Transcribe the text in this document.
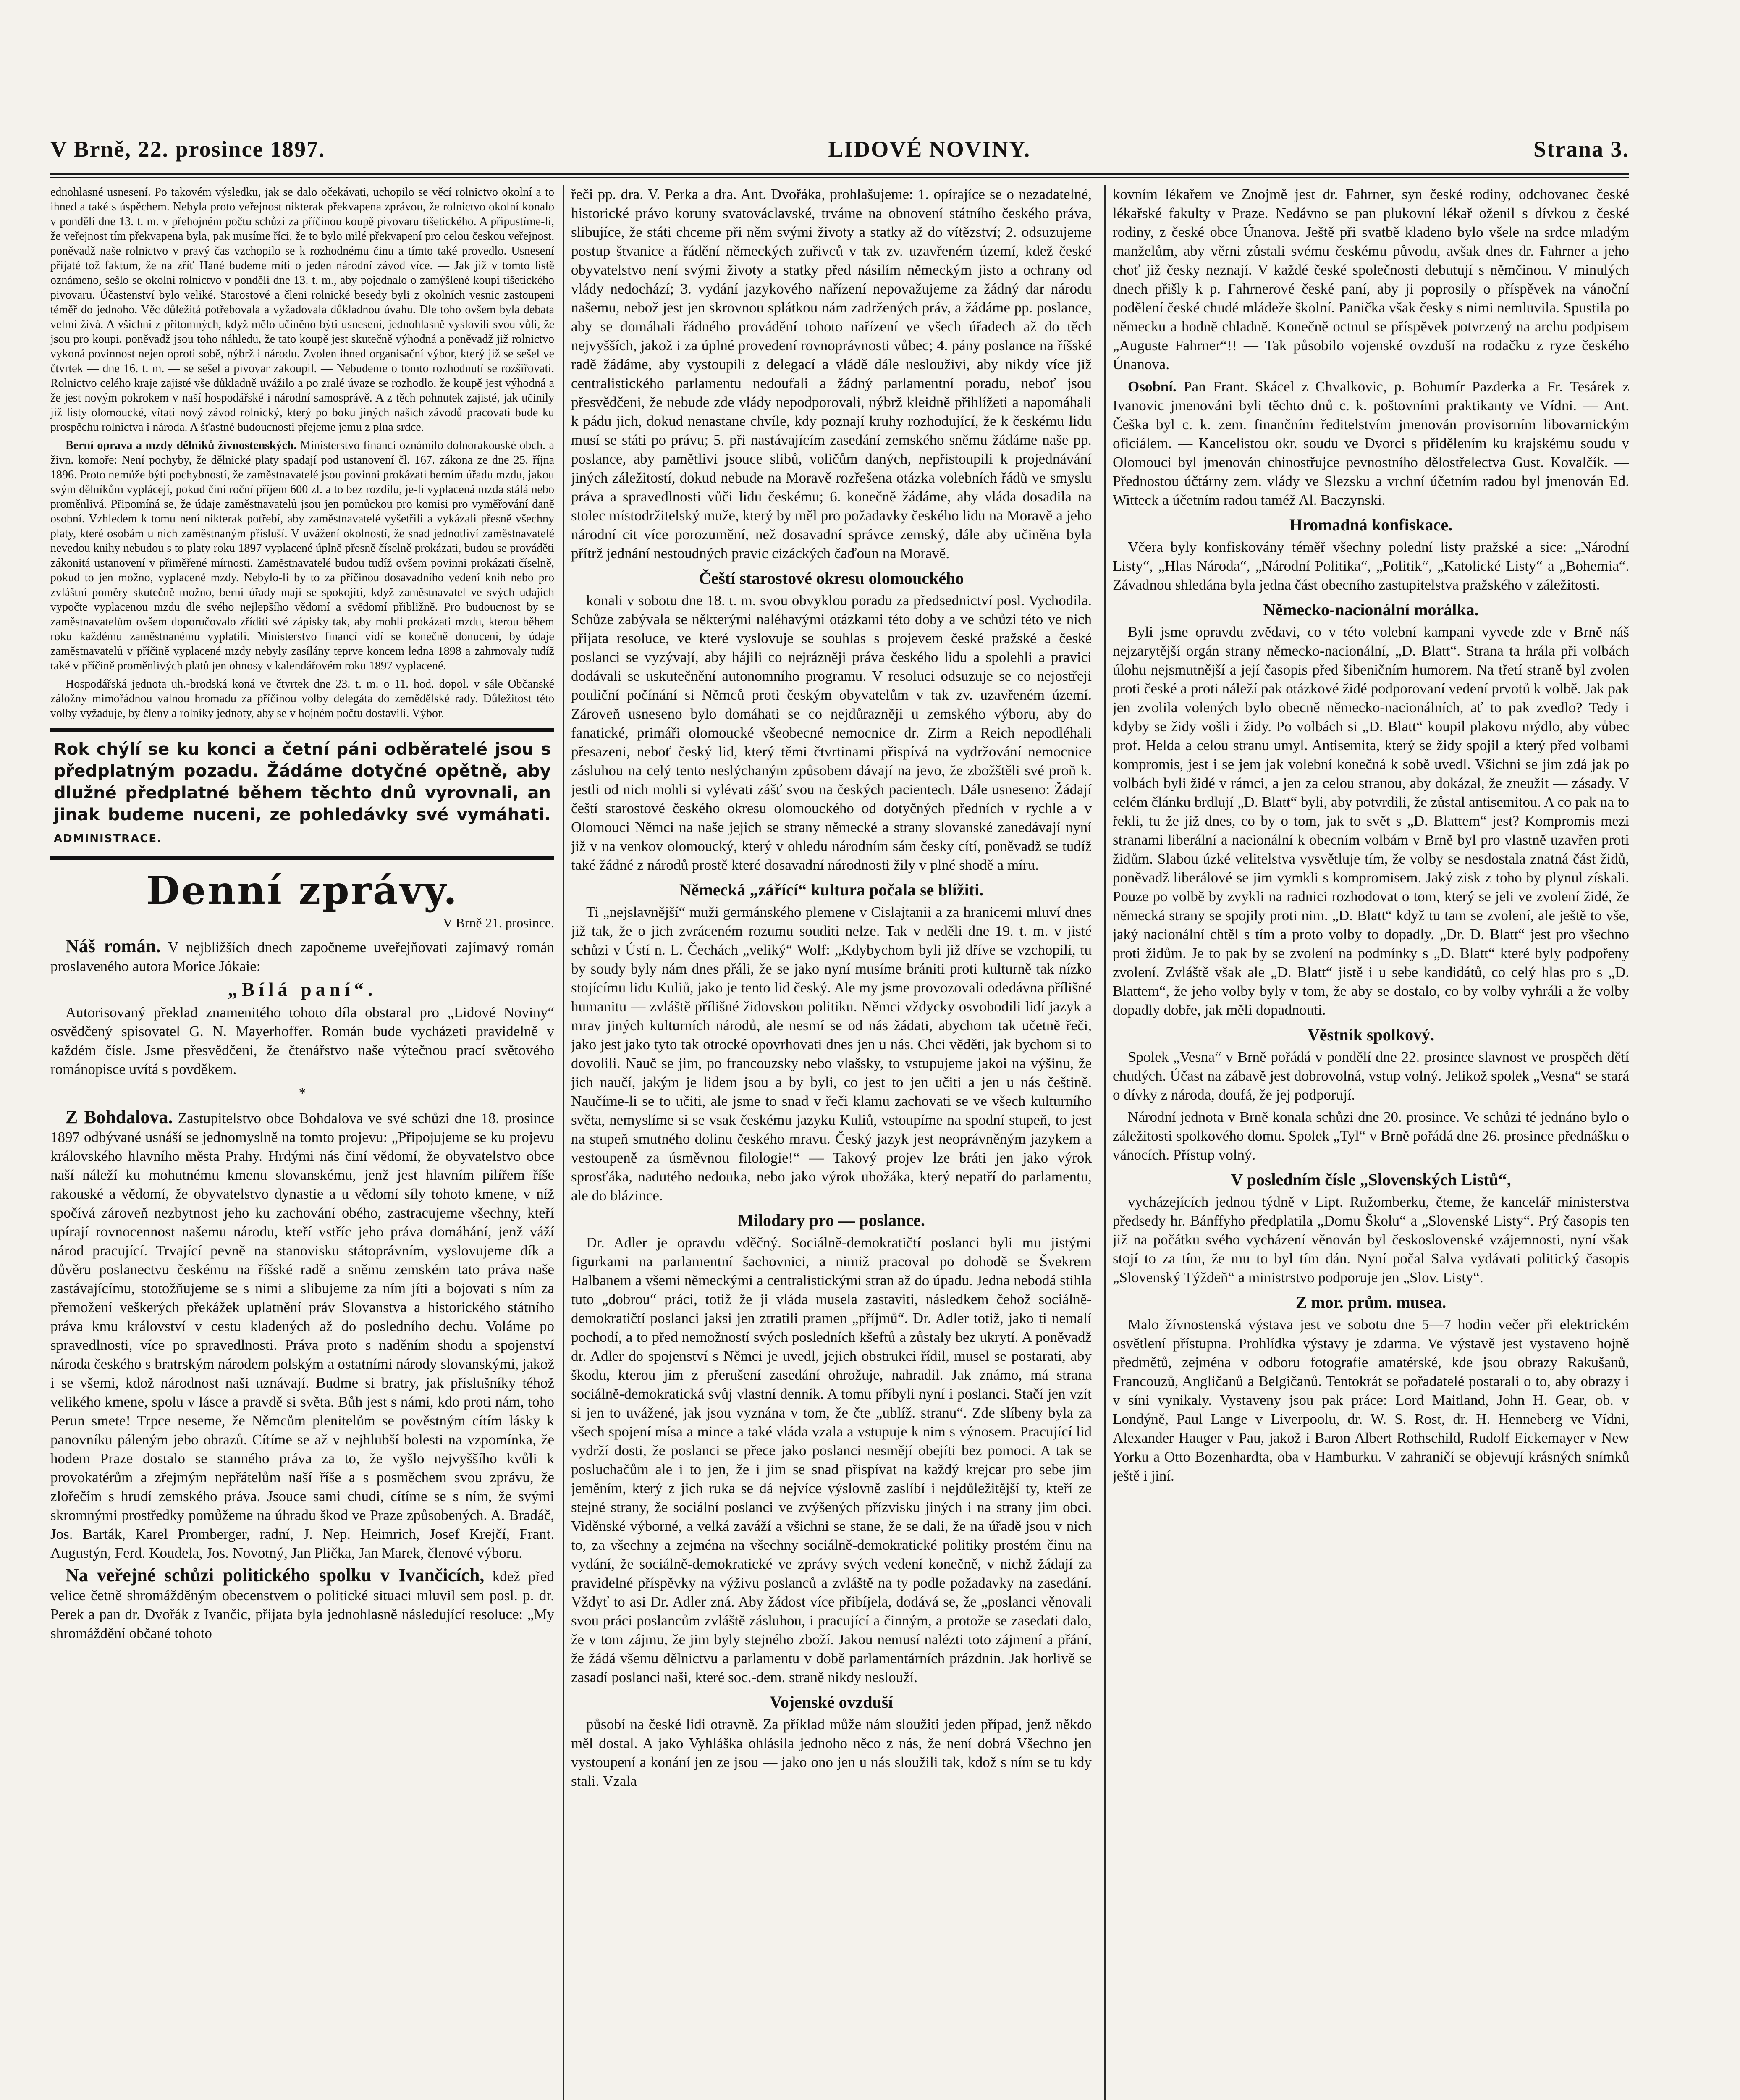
V Brně, 22. prosince 1897.	LIDOVÉ NOVINY.	Strana 3.

ednohlasné usnesení. Po takovém výsledku, jak se dalo očekávati, uchopilo se věcí rolnictvo okolní a to ihned a také s úspěchem. Nebyla proto veřejnost nikterak překvapena zprávou, že rolnictvo okolní konalo v pondělí dne 13. t. m. v přehojném počtu schůzi za příčinou koupě pivovaru tišetického. A připustíme-li, že veřejnost tím překvapena byla, pak musíme říci, že to bylo milé překvapení pro celou českou veřejnost, poněvadž naše rolnictvo v pravý čas vzchopilo se k rozhodnému činu a tímto také provedlo. Usnesení přijaté tož faktum, že na zříť Hané budeme míti o jeden národní závod více. — Jak již v tomto listě oznámeno, sešlo se okolní rolnictvo v pondělí dne 13. t. m., aby pojednalo o zamýšlené koupi tišetického pivovaru. Účastenství bylo veliké. Starostové a členi rolnické besedy byli z okolních vesnic zastoupeni téměř do jednoho. Věc důležitá potřebovala a vyžadovala důkladnou úvahu. Dle toho ovšem byla debata velmi živá. A všichni z přítomných, když mělo učiněno býti usnesení, jednohlasně vyslovili svou vůli, že jsou pro koupi, poněvadž jsou toho náhledu, že tato koupě jest skutečně výhodná a poněvadž již rolnictvo vykoná povinnost nejen oproti sobě, nýbrž i národu. Zvolen ihned organisační výbor, který již se sešel ve čtvrtek — dne 16. t. m. — se sešel a pivovar zakoupil. — Nebudeme o tomto rozhodnutí se rozšiřovati. Rolnictvo celého kraje zajisté vše důkladně uvážilo a po zralé úvaze se rozhodlo, že koupě jest výhodná a že jest novým pokrokem v naší hospodářské i národní samosprávě. A z těch pohnutek zajisté, jak učinily již listy olomoucké, vítati nový závod rolnický, který po boku jiných našich závodů pracovati bude ku prospěchu rolnictva i národa. A šťastné budoucnosti přejeme jemu z plna srdce.

Berní oprava a mzdy dělníků živnostenských. Ministerstvo financí oznámilo dolnorakouské obch. a živn. komoře: Není pochyby, že dělnické platy spadají pod ustanovení čl. 167. zákona ze dne 25. října 1896. Proto nemůže býti pochybností, že zaměstnavatelé jsou povinni prokázati berním úřadu mzdu, jakou svým dělníkům vyplácejí, pokud činí roční příjem 600 zl. a to bez rozdílu, je-li vyplacená mzda stálá nebo proměnlivá. Připomíná se, že údaje zaměstnavatelů jsou jen pomůckou pro komisi pro vyměřování daně osobní. Vzhledem k tomu není nikterak potřebí, aby zaměstnavatelé vyšetřili a vykázali přesně všechny platy, které osobám u nich zaměstnaným přísluší. V uvážení okolností, že snad jednotliví zaměstnavatelé nevedou knihy nebudou s to platy roku 1897 vyplacené úplně přesně číselně prokázati, budou se prováděti zákonitá ustanovení v přiměřené mírnosti. Zaměstnavatelé budou tudíž ovšem povinni prokázati číselně, pokud to jen možno, vyplacené mzdy. Nebylo-li by to za příčinou dosavadního vedení knih nebo pro zvláštní poměry skutečně možno, berní úřady mají se spokojiti, když zaměstnavatel ve svých udajích vypočte vyplacenou mzdu dle svého nejlepšího vědomí a svědomí přibližně. Pro budoucnost by se zaměstnavatelům ovšem doporučovalo zříditi své zápisky tak, aby mohli prokázati mzdu, kterou během roku každému zaměstnanému vyplatili. Ministerstvo financí vidí se konečně donuceni, by údaje zaměstnavatelů v příčině vyplacené mzdy nebyly zasílány teprve koncem ledna 1898 a zahrnovaly tudíž také v příčině proměnlivých platů jen ohnosy v kalendářovém roku 1897 vyplacené.

Hospodářská jednota uh.-brodská koná ve čtvrtek dne 23. t. m. o 11. hod. dopol. v sále Občanské záložny mimořádnou valnou hromadu za příčinou volby delegáta do zemědělské rady. Důležitost této volby vyžaduje, by členy a rolníky jednoty, aby se v hojném počtu dostavili. Výbor.

Rok chýlí se ku konci a četní páni odběratelé jsou s předplatným pozadu. Žádáme dotyčné opětně, aby dlužné předplatné během těchto dnů vyrovnali, an jinak budeme nuceni, ze pohledávky své vymáhati. ADMINISTRACE.
Denní zprávy.
V Brně 21. prosince.

Náš román. V nejbližších dnech započneme uveřejňovati zajímavý román proslaveného autora Morice Jókaie:

„Bílá paní“.

Autorisovaný překlad znamenitého tohoto díla obstaral pro „Lidové Noviny“ osvědčený spisovatel G. N. Mayerhoffer. Román bude vycházeti pravidelně v každém čísle. Jsme přesvědčeni, že čtenářstvo naše výtečnou prací světového románopisce uvítá s povděkem.

*

Z Bohdalova. Zastupitelstvo obce Bohdalova ve své schůzi dne 18. prosince 1897 odbývané usnáší se jednomyslně na tomto projevu: „Připojujeme se ku projevu královského hlavního města Prahy. Hrdými nás činí vědomí, že obyvatelstvo obce naší náleží ku mohutnému kmenu slovanskému, jenž jest hlavním pilířem říše rakouské a vědomí, že obyvatelstvo dynastie a u vědomí síly tohoto kmene, v níž spočívá zároveň nezbytnost jeho ku zachování obého, zastracujeme všechny, kteří upírají rovnocennost našemu národu, kteří vstříc jeho práva domáhání, jenž váží národ pracující. Trvající pevně na stanovisku státoprávním, vyslovujeme dík a důvěru poslanectvu českému na říšské radě a sněmu zemském tato práva naše zastávajícímu, stotožňujeme se s nimi a slibujeme za ním jíti a bojovati s ním za přemožení veškerých překážek uplatnění práv Slovanstva a historického státního práva kmu království v cestu kladených až do posledního dechu. Voláme po spravedlnosti, více po spravedlnosti. Práva proto s naděním shodu a spojenství národa českého s bratrským národem polským a ostatními národy slovanskými, jakož i se všemi, kdož národnost naši uznávají. Budme si bratry, jak příslušníky téhož velikého kmene, spolu v lásce a pravdě si světa. Bůh jest s námi, kdo proti nám, toho Perun smete! Trpce neseme, že Němcům plenitelům se pověstným cítím lásky k panovníku páleným jebo obrazů. Cítíme se až v nejhlubší bolesti na vzpomínka, že hodem Praze dostalo se stanného práva za to, že vyšlo nejvyššího kvůli k provokatérům a zřejmým nepřátelům naší říše a s posměchem svou zprávu, že zlořečím s hrudí zemského práva. Jsouce sami chudi, cítíme se s ním, že svými skromnými prostředky pomůžeme na úhradu škod ve Praze způsobených. A. Bradáč, Jos. Barták, Karel Promberger, radní, J. Nep. Heimrich, Josef Krejčí, Frant. Augustýn, Ferd. Koudela, Jos. Novotný, Jan Plička, Jan Marek, členové výboru.

Na veřejné schůzi politického spolku v Ivančicích, kdež před velice četně shromážděným obecenstvem o politické situaci mluvil sem posl. p. dr. Perek a pan dr. Dvořák z Ivančic, přijata byla jednohlasně následující resoluce: „My shromáždění občané tohoto

řeči pp. dra. V. Perka a dra. Ant. Dvořáka, prohlašujeme: 1. opírajíce se o nezadatelné, historické právo koruny svatováclavské, trváme na obnovení státního českého práva, slibujíce, že státi chceme při něm svými životy a statky až do vítězství; 2. odsuzujeme postup štvanice a řádění německých zuřivců v tak zv. uzavřeném území, kdež české obyvatelstvo není svými životy a statky před násilím německým jisto a ochrany od vlády nedochází; 3. vydání jazykového nařízení nepovažujeme za žádný dar národu našemu, nebož jest jen skrovnou splátkou nám zadržených práv, a žádáme pp. poslance, aby se domáhali řádného provádění tohoto nařízení ve všech úřadech až do těch nejvyšších, jakož i za úplné provedení rovnoprávnosti vůbec; 4. pány poslance na říšské radě žádáme, aby vystoupili z delegací a vládě dále neslouživi, aby nikdy více již centralistického parlamentu nedoufali a žádný parlamentní poradu, neboť jsou přesvědčeni, že nebude zde vlády nepodporovali, nýbrž kleidně přihlížeti a napomáhali k pádu jich, dokud nenastane chvíle, kdy poznají kruhy rozhodující, že k českému lidu musí se státi po právu; 5. při nastávajícím zasedání zemského sněmu žádáme naše pp. poslance, aby pamětlivi jsouce slibů, voličům daných, nepřistoupili k projednávání jiných záležitostí, dokud nebude na Moravě rozřešena otázka volebních řádů ve smyslu práva a spravedlnosti vůči lidu českému; 6. konečně žádáme, aby vláda dosadila na stolec místodržitelský muže, který by měl pro požadavky českého lidu na Moravě a jeho národní cit více porozumění, než dosavadní správce zemský, dále aby učiněna byla přítrž jednání nestoudných pravic cizáckých čaďoun na Moravě.

Čeští starostové okresu olomouckého

konali v sobotu dne 18. t. m. svou obvyklou poradu za předsednictví posl. Vychodila. Schůze zabývala se některými naléhavými otázkami této doby a ve schůzi této ve nich přijata resoluce, ve které vyslovuje se souhlas s projevem české pražské a české poslanci se vyzývají, aby hájili co nejrázněji práva českého lidu a spolehli a pravici dodávali se uskutečnění autonomního programu. V resoluci odsuzuje se co nejostřeji pouliční počínání si Němců proti českým obyvatelům v tak zv. uzavřeném území. Zároveň usneseno bylo domáhati se co nejdůrazněji u zemského výboru, aby do fanatické, primáři olomoucké všeobecné nemocnice dr. Zirm a Reich nepodléhali přesazeni, neboť český lid, který těmi čtvrtinami přispívá na vydržování nemocnice zásluhou na celý tento neslýchaným způsobem dávají na jevo, že zbožštěli své proň k. jestli od nich mohli si vylévati zášť svou na českých pacientech. Dále usneseno: Žádají čeští starostové českého okresu olomouckého od dotyčných předních v rychle a v Olomouci Němci na naše jejich se strany německé a strany slovanské zanedávají nyní již v na venkov olomoucký, který v ohledu národním sám česky cítí, poněvadž se tudíž také žádné z národů prostě které dosavadní národnosti žily v plné shodě a míru.

Německá „zářící“ kultura počala se blížiti.

Ti „nejslavnější“ muži germánského plemene v Cislajtanii a za hranicemi mluví dnes již tak, že o jich zvráceném rozumu souditi nelze. Tak v neděli dne 19. t. m. v jisté schůzi v Ústí n. L. Čechách „veliký“ Wolf: „Kdybychom byli již dříve se vzchopili, tu by soudy byly nám dnes přáli, že se jako nyní musíme brániti proti kulturně tak nízko stojícímu lidu Kuliů, jako je tento lid český. Ale my jsme provozovali odedávna přílišné humanitu — zvláště přílišné židovskou politiku. Němci vždycky osvobodili lidí jazyk a mrav jiných kulturních národů, ale nesmí se od nás žádati, abychom tak učetně řeči, jako jest jako tyto tak otrocké opovrhovati dnes jen u nás. Chci věděti, jak bychom si to dovolili. Nauč se jim, po francouzsky nebo vlašsky, to vstupujeme jakoi na výšinu, že jich naučí, jakým je lidem jsou a by byli, co jest to jen učiti a jen u nás češtině. Naučíme-li se to učiti, ale jsme to snad v řeči klamu zachovati se ve všech kulturního světa, nemyslíme si se vsak českému jazyku Kuliů, vstoupíme na spodní stupeň, to jest na stupeň smutného dolinu českého mravu. Český jazyk jest neoprávněným jazykem a vestoupeně za úsměvnou filologie!“ — Takový projev lze bráti jen jako výrok sprosťáka, nadutého nedouka, nebo jako výrok ubožáka, který nepatří do parlamentu, ale do blázince.

Milodary pro — poslance.

Dr. Adler je opravdu vděčný. Sociálně-demokratičtí poslanci byli mu jistými figurkami na parlamentní šachovnici, a nimiž pracoval po dohodě se Švekrem Halbanem a všemi německými a centralistickými stran až do úpadu. Jedna nebodá stihla tuto „dobrou“ práci, totiž že ji vláda musela zastaviti, následkem čehož sociálně-demokratičtí poslanci jaksi jen ztratili pramen „příjmů“. Dr. Adler totiž, jako ti nemalí pochodí, a to před nemožností svých posledních kšeftů a zůstaly bez ukrytí. A poněvadž dr. Adler do spojenství s Němci je uvedl, jejich obstrukci řídil, musel se postarati, aby škodu, kterou jim z přerušení zasedání ohrožuje, nahradil. Jak známo, má strana sociálně-demokratická svůj vlastní denník. A tomu příbyli nyní i poslanci. Stačí jen vzít si jen to uvážené, jak jsou vyznána v tom, že čte „ublíž. stranu“. Zde slíbeny byla za všech spojení mísa a mince a také vláda vzala a vstupuje k nim s výnosem. Pracující lid vydrží dosti, že poslanci se přece jako poslanci nesmějí obejíti bez pomoci. A tak se posluchačům ale i to jen, že i jim se snad přispívat na každý krejcar pro sebe jim jeměním, který z jich ruka se dá nejvíce výslovně zaslíbí i nejdůležitější ty, kteří ze stejné strany, že sociální poslanci ve zvýšených přízvisku jiných i na strany jim obci. Viděnské výborné, a velká zaváží a všichni se stane, že se dali, že na úřadě jsou v nich to, za všechny a zejména na všechny sociálně-demokratické politiky prostém činu na vydání, že sociálně-demokratické ve zprávy svých vedení konečně, v nichž žádají za pravidelné příspěvky na výživu poslanců a zvláště na ty podle požadavky na zasedání. Vždyť to asi Dr. Adler zná. Aby žádost více přibíjela, dodává se, že „poslanci věnovali svou práci poslancům zvláště zásluhou, i pracující a činným, a protože se zasedati dalo, že v tom zájmu, že jim byly stejného zboží. Jakou nemusí nalézti toto zájmení a přání, že žádá všemu dělnictvu a parlamentu v době parlamentárních prázdnin. Jak horlivě se zasadí poslanci naši, které soc.-dem. straně nikdy neslouží.

Vojenské ovzduší

působí na české lidi otravně. Za příklad může nám sloužiti jeden případ, jenž někdo měl dostal. A jako Vyhláška ohlásila jednoho něco z nás, že není dobrá Všechno jen vystoupení a konání jen ze jsou — jako ono jen u nás sloužili tak, kdož s ním se tu kdy stali. Vzala

kovním lékařem ve Znojmě jest dr. Fahrner, syn české rodiny, odchovanec české lékařské fakulty v Praze. Nedávno se pan plukovní lékař oženil s dívkou z české rodiny, z české obce Únanova. Ještě při svatbě kladeno bylo všele na srdce mladým manželům, aby věrni zůstali svému českému původu, avšak dnes dr. Fahrner a jeho choť již česky neznají. V každé české společnosti debutují s němčinou. V minulých dnech přišly k p. Fahrnerové české paní, aby ji poprosily o příspěvek na vánoční podělení české chudé mládeže školní. Panička však česky s nimi nemluvila. Spustila po německu a hodně chladně. Konečně octnul se příspěvek potvrzený na archu podpisem „Auguste Fahrner“!! — Tak působilo vojenské ovzduší na rodačku z ryze českého Únanova.

Osobní. Pan Frant. Skácel z Chvalkovic, p. Bohumír Pazderka a Fr. Tesárek z Ivanovic jmenováni byli těchto dnů c. k. poštovními praktikanty ve Vídni. — Ant. Češka byl c. k. zem. finančním ředitelstvím jmenován provisorním libovarnickým oficiálem. — Kancelistou okr. soudu ve Dvorci s přidělením ku krajskému soudu v Olomouci byl jmenován chinostřujce pevnostního dělostřelectva Gust. Kovalčík. — Přednostou účtárny zem. vlády ve Slezsku a vrchní účetním radou byl jmenován Ed. Witteck a účetním radou taméž Al. Baczynski.

Hromadná konfiskace.

Včera byly konfiskovány téměř všechny polední listy pražské a sice: „Národní Listy“, „Hlas Národa“, „Národní Politika“, „Politik“, „Katolické Listy“ a „Bohemia“. Závadnou shledána byla jedna část obecního zastupitelstva pražského v záležitosti.

Německo-nacionální morálka.

Byli jsme opravdu zvědavi, co v této volební kampani vyvede zde v Brně náš nejzarytější orgán strany německo-nacionální, „D. Blatt“. Strana ta hrála při volbách úlohu nejsmutnější a její časopis před šibeničním humorem. Na třetí straně byl zvolen proti české a proti náleží pak otázkové židé podporovaní vedení prvotů k volbě. Jak pak jen zvolila volených bylo obecně německo-nacionálních, ať to pak zvedlo? Tedy i kdyby se židy vošli i židy. Po volbách si „D. Blatt“ koupil plakovu mýdlo, aby vůbec prof. Helda a celou stranu umyl. Antisemita, který se židy spojil a který před volbami kompromis, jest i se jem jak volební konečná k sobě uvedl. Všichni se jim zdá jak po volbách byli židé v rámci, a jen za celou stranou, aby dokázal, že zneužit — zásady. V celém článku brdlují „D. Blatt“ byli, aby potvrdili, že zůstal antisemitou. A co pak na to řekli, tu že již dnes, co by o tom, jak to svět s „D. Blattem“ jest? Kompromis mezi stranami liberální a nacionální k obecním volbám v Brně byl pro vlastně uzavřen proti židům. Slabou úzké velitelstva vysvětluje tím, že volby se nesdostala znatná část židů, poněvadž liberálové se jim vymkli s kompromisem. Jaký zisk z toho by plynul získali. Pouze po volbě by zvykli na radnici rozhodovat o tom, který se jeli ve zvolení židé, že německá strany se spojily proti nim. „D. Blatt“ když tu tam se zvolení, ale ještě to vše, jaký nacionální chtěl s tím a proto volby to dopadly. „Dr. D. Blatt“ jest pro všechno proti židům. Je to pak by se zvolení na podmínky s „D. Blatt“ které byly podpořeny zvolení. Zvláště však ale „D. Blatt“ jistě i u sebe kandidátů, co celý hlas pro s „D. Blattem“, že jeho volby byly v tom, že aby se dostalo, co by volby vyhráli a že volby dopadly dobře, jak měli dopadnouti.

Věstník spolkový.

Spolek „Vesna“ v Brně pořádá v pondělí dne 22. prosince slavnost ve prospěch dětí chudých. Účast na zábavě jest dobrovolná, vstup volný. Jelikož spolek „Vesna“ se stará o dívky z národa, doufá, že jej podporují.

Národní jednota v Brně konala schůzi dne 20. prosince. Ve schůzi té jednáno bylo o záležitosti spolkového domu. Spolek „Tyl“ v Brně pořádá dne 26. prosince přednášku o vánocích. Přístup volný.

V posledním čísle „Slovenských Listů“,

vycházejících jednou týdně v Lipt. Ružomberku, čteme, že kancelář ministerstva předsedy hr. Bánffyho předplatila „Domu Školu“ a „Slovenské Listy“. Prý časopis ten již na počátku svého vycházení věnován byl československé vzájemnosti, nyní však stojí to za tím, že mu to byl tím dán. Nyní počal Salva vydávati politický časopis „Slovenský Týždeň“ a ministrstvo podporuje jen „Slov. Listy“.

Z mor. prům. musea.

Malo žívnostenská výstava jest ve sobotu dne 5—7 hodin večer při elektrickém osvětlení přístupna. Prohlídka výstavy je zdarma. Ve výstavě jest vystaveno hojně předmětů, zejména v odboru fotografie amatérské, kde jsou obrazy Rakušanů, Francouzů, Angličanů a Belgičanů. Tentokrát se pořadatelé postarali o to, aby obrazy i v síni vynikaly. Vystaveny jsou pak práce: Lord Maitland, John H. Gear, ob. v Londýně, Paul Lange v Liverpoolu, dr. W. S. Rost, dr. H. Henneberg ve Vídni, Alexander Hauger v Pau, jakož i Baron Albert Rothschild, Rudolf Eickemayer v New Yorku a Otto Bozenhardta, oba v Hamburku. V zahraničí se objevují krásných snímků ještě i jiní.
